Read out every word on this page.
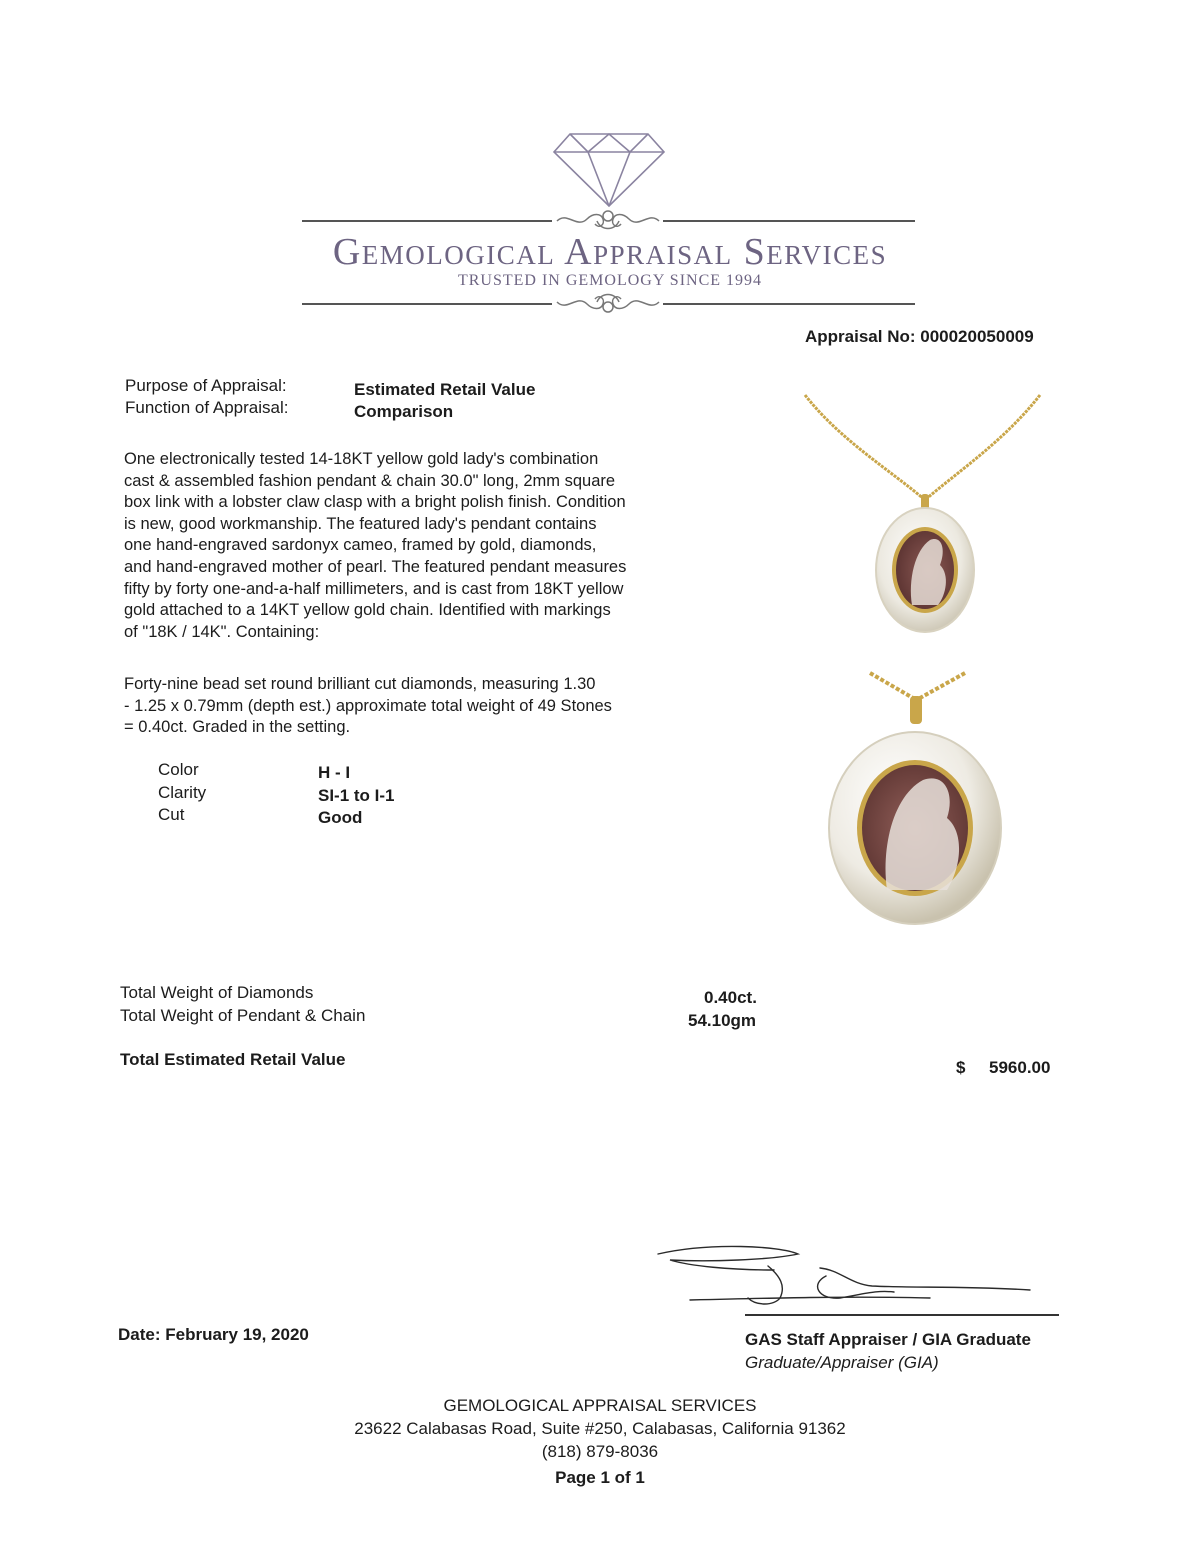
Gemological Appraisal Services
TRUSTED IN GEMOLOGY SINCE 1994
Appraisal No: 000020050009
Purpose of Appraisal:	Estimated Retail Value
Function of Appraisal:	Comparison
One electronically tested 14-18KT yellow gold lady's combination
cast & assembled fashion pendant & chain 30.0" long, 2mm square
box link with a lobster claw clasp with a bright polish finish. Condition
is new, good workmanship. The featured lady's pendant contains
one hand-engraved sardonyx cameo, framed by gold, diamonds,
and hand-engraved mother of pearl. The featured pendant measures
fifty by forty one-and-a-half millimeters, and is cast from 18KT yellow
gold attached to a 14KT yellow gold chain. Identified with markings
of "18K / 14K". Containing:
Forty-nine bead set round brilliant cut diamonds, measuring 1.30
- 1.25 x 0.79mm (depth est.) approximate total weight of 49 Stones
= 0.40ct. Graded in the setting.
Color	H - I
Clarity	SI-1 to I-1
Cut	Good
Total Weight of Diamonds	0.40ct.
Total Weight of Pendant & Chain	54.10gm
Total Estimated Retail Value	$ 5960.00
Date: February 19, 2020	GAS Staff Appraiser / GIA Graduate
Graduate/Appraiser (GIA)
GEMOLOGICAL APPRAISAL SERVICES
23622 Calabasas Road, Suite #250, Calabasas, California 91362
(818) 879-8036
Page 1 of 1
